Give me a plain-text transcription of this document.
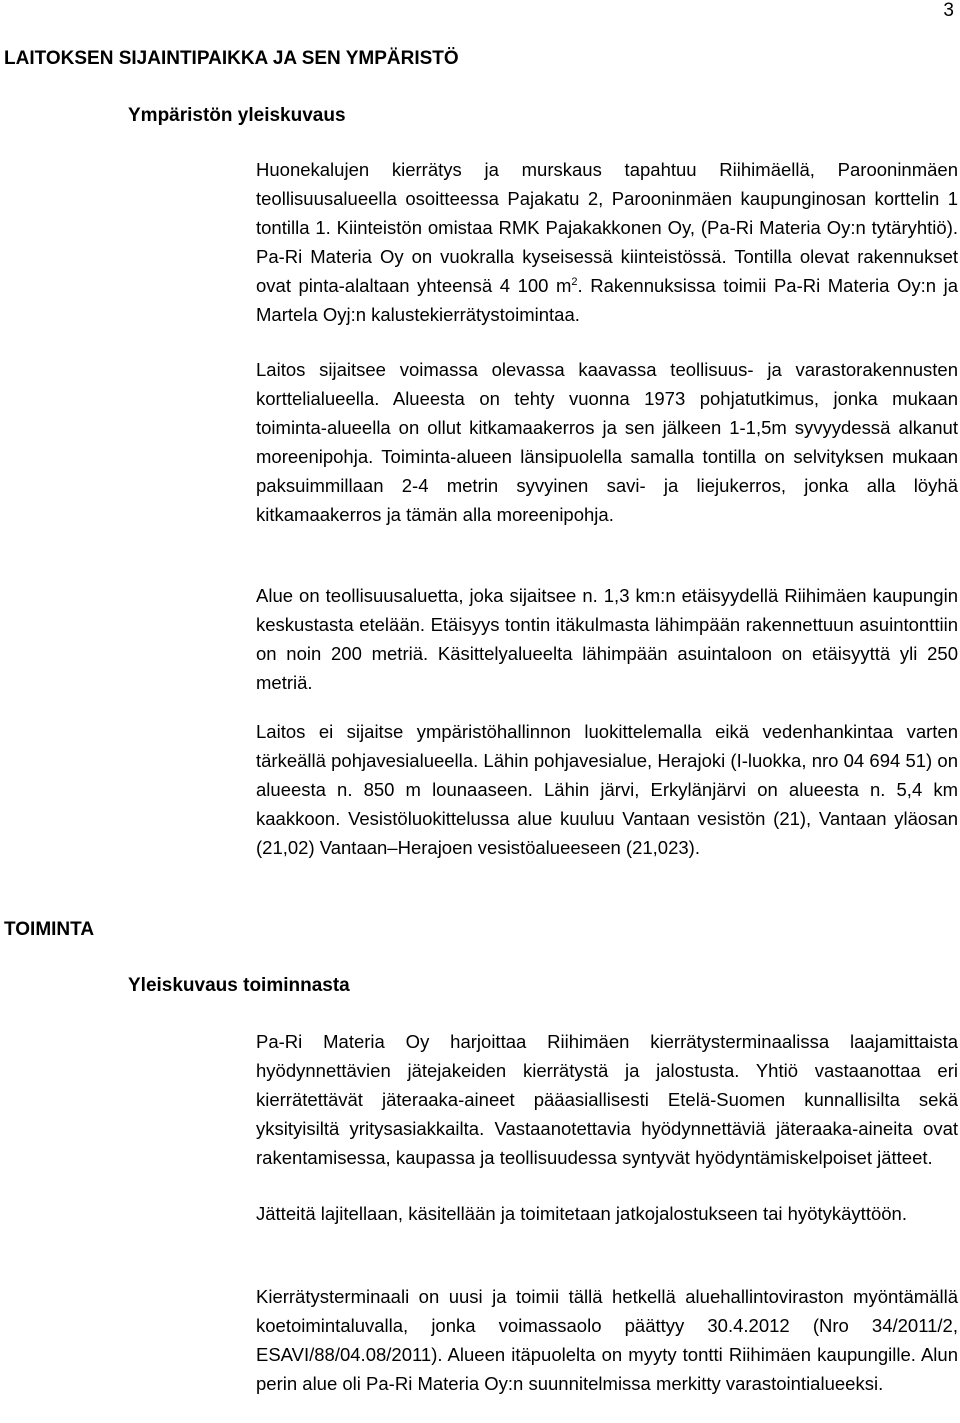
3
LAITOKSEN SIJAINTIPAIKKA JA SEN YMPÄRISTÖ
Ympäristön yleiskuvaus

Huonekalujen kierrätys ja murskaus tapahtuu Riihimäellä, Parooninmäen teollisuusalueella osoitteessa Pajakatu 2, Parooninmäen kaupunginosan korttelin 1 tontilla 1. Kiinteistön omistaa RMK Pajakakkonen Oy, (Pa-Ri Materia Oy:n tytäryhtiö). Pa-Ri Materia Oy on vuokralla kyseisessä kiinteistössä. Tontilla olevat rakennukset ovat pinta-alaltaan yhteensä 4 100 $m^2$. Rakennuksissa toimii Pa-Ri Materia Oy:n ja Martela Oyj:n kalustekierrätystoimintaa.

Laitos sijaitsee voimassa olevassa kaavassa teollisuus- ja varastorakennusten korttelialueella. Alueesta on tehty vuonna 1973 pohjatutkimus, jonka mukaan toiminta-alueella on ollut kitkamaakerros ja sen jälkeen 1-1,5m syvyydessä alkanut moreenipohja. Toiminta-alueen länsipuolella samalla tontilla on selvityksen mukaan paksuimmillaan 2-4 metrin syvyinen savi- ja liejukerros, jonka alla löyhä kitkamaakerros ja tämän alla moreenipohja.

Alue on teollisuusaluetta, joka sijaitsee n. 1,3 km:n etäisyydellä Riihimäen kaupungin keskustasta etelään. Etäisyys tontin itäkulmasta lähimpään rakennettuun asuintonttiin on noin 200 metriä. Käsittelyalueelta lähimpään asuintaloon on etäisyyttä yli 250 metriä.

Laitos ei sijaitse ympäristöhallinnon luokittelemalla eikä vedenhankintaa varten tärkeällä pohjavesialueella. Lähin pohjavesialue, Herajoki (I-luokka, nro 04 694 51) on alueesta n. 850 m lounaaseen. Lähin järvi, Erkylänjärvi on alueesta n. 5,4 km kaakkoon. Vesistöluokittelussa alue kuuluu Vantaan vesistön (21), Vantaan yläosan (21,02) Vantaan–Herajoen vesistöalueeseen (21,023).

TOIMINTA
Yleiskuvaus toiminnasta

Pa-Ri Materia Oy harjoittaa Riihimäen kierrätysterminaalissa laajamittaista hyödynnettävien jätejakeiden kierrätystä ja jalostusta. Yhtiö vastaanottaa eri kierrätettävät jäteraaka-aineet pääasiallisesti Etelä-Suomen kunnallisilta sekä yksityisiltä yritysasiakkailta. Vastaanotettavia hyödynnettäviä jäteraaka-aineita ovat rakentamisessa, kaupassa ja teollisuudessa syntyvät hyödyntämiskelpoiset jätteet.

Jätteitä lajitellaan, käsitellään ja toimitetaan jatkojalostukseen tai hyötykäyttöön.

Kierrätysterminaali on uusi ja toimii tällä hetkellä aluehallintoviraston myöntämällä koetoimintaluvalla, jonka voimassaolo päättyy 30.4.2012 (Nro 34/2011/2, ESAVI/88/04.08/2011). Alueen itäpuolelta on myyty tontti Riihimäen kaupungille. Alun perin alue oli Pa-Ri Materia Oy:n suunnitelmissa merkitty varastointialueeksi.
